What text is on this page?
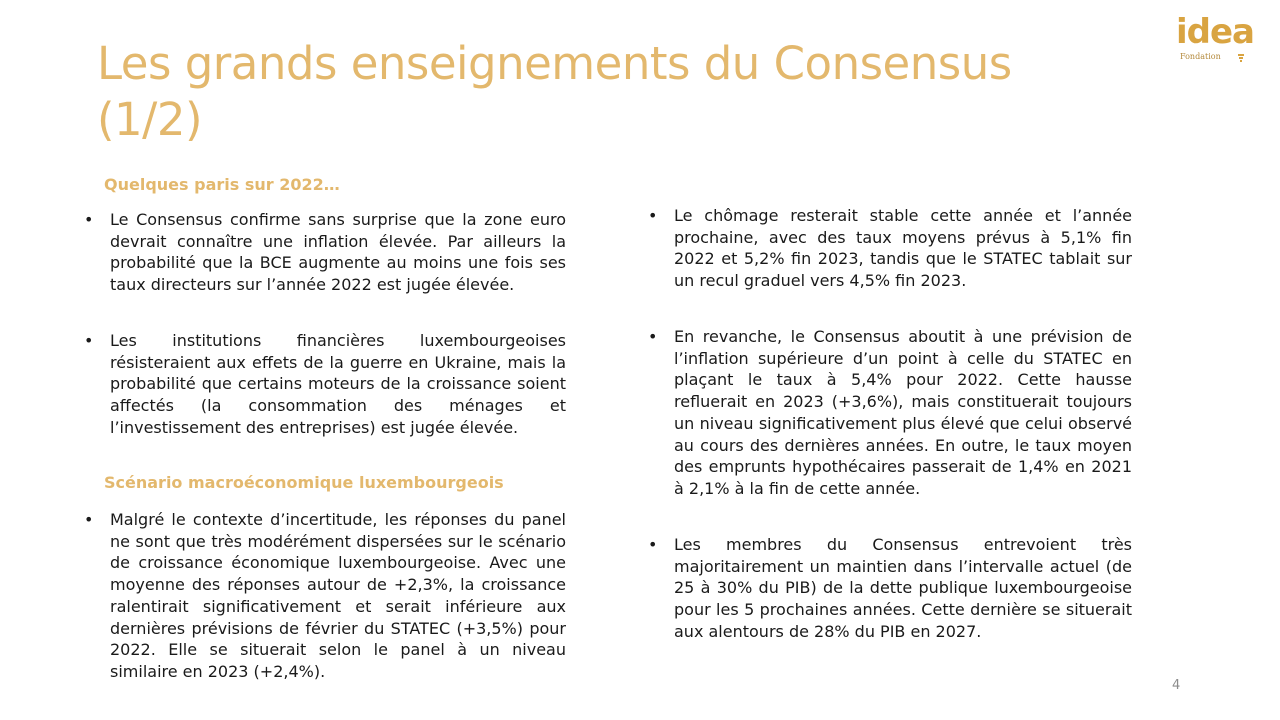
Les grands enseignements du Consensus (1/2)
idea
Fondation
Quelques paris sur 2022…
• Le Consensus confirme sans surprise que la zone euro devrait connaître une inflation élevée. Par ailleurs la probabilité que la BCE augmente au moins une fois ses taux directeurs sur l’année 2022 est jugée élevée.
• Les institutions financières luxembourgeoises résisteraient aux effets de la guerre en Ukraine, mais la probabilité que certains moteurs de la croissance soient affectés (la consommation des ménages et l’investissement des entreprises) est jugée élevée.
Scénario macroéconomique luxembourgeois
• Malgré le contexte d’incertitude, les réponses du panel ne sont que très modérément dispersées sur le scénario de croissance économique luxembourgeoise. Avec une moyenne des réponses autour de +2,3%, la croissance ralentirait significativement et serait inférieure aux dernières prévisions de février du STATEC (+3,5%) pour 2022. Elle se situerait selon le panel à un niveau similaire en 2023 (+2,4%).
• Le chômage resterait stable cette année et l’année prochaine, avec des taux moyens prévus à 5,1% fin 2022 et 5,2% fin 2023, tandis que le STATEC tablait sur un recul graduel vers 4,5% fin 2023.
• En revanche, le Consensus aboutit à une prévision de l’inflation supérieure d’un point à celle du STATEC en plaçant le taux à 5,4% pour 2022. Cette hausse refluerait en 2023 (+3,6%), mais constituerait toujours un niveau significativement plus élevé que celui observé au cours des dernières années. En outre, le taux moyen des emprunts hypothécaires passerait de 1,4% en 2021 à 2,1% à la fin de cette année.
• Les membres du Consensus entrevoient très majoritairement un maintien dans l’intervalle actuel (de 25 à 30% du PIB) de la dette publique luxembourgeoise pour les 5 prochaines années. Cette dernière se situerait aux alentours de 28% du PIB en 2027.
4
